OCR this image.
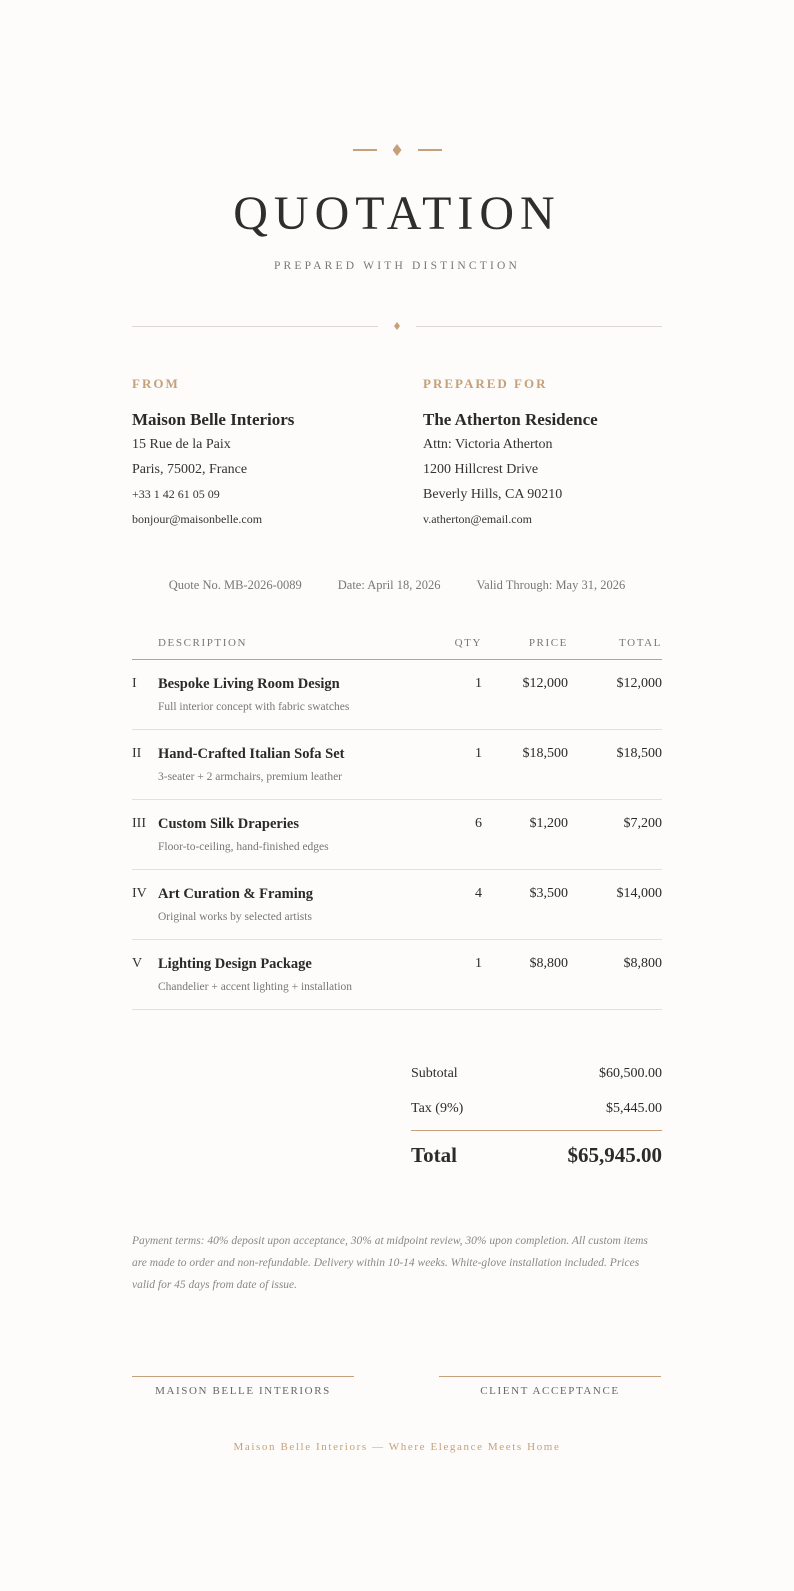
QUOTATION
PREPARED WITH DISTINCTION
FROM
Maison Belle Interiors
15 Rue de la Paix
Paris, 75002, France
+33 1 42 61 05 09
bonjour@maisonbelle.com
PREPARED FOR
The Atherton Residence
Attn: Victoria Atherton
1200 Hillcrest Drive
Beverly Hills, CA 90210
v.atherton@email.com
Quote No. MB-2026-0089	Date: April 18, 2026	Valid Through: May 31, 2026
	DESCRIPTION	QTY	PRICE	TOTAL
I	Bespoke Living Room Design
Full interior concept with fabric swatches	1	$12,000	$12,000
II	Hand-Crafted Italian Sofa Set
3-seater + 2 armchairs, premium leather	1	$18,500	$18,500
III	Custom Silk Draperies
Floor-to-ceiling, hand-finished edges	6	$1,200	$7,200
IV	Art Curation & Framing
Original works by selected artists	4	$3,500	$14,000
V	Lighting Design Package
Chandelier + accent lighting + installation	1	$8,800	$8,800
Subtotal	$60,500.00
Tax (9%)	$5,445.00
Total	$65,945.00
Payment terms: 40% deposit upon acceptance, 30% at midpoint review, 30% upon completion. All custom items are made to order and non-refundable. Delivery within 10-14 weeks. White-glove installation included. Prices valid for 45 days from date of issue.
MAISON BELLE INTERIORS	CLIENT ACCEPTANCE
Maison Belle Interiors — Where Elegance Meets Home
